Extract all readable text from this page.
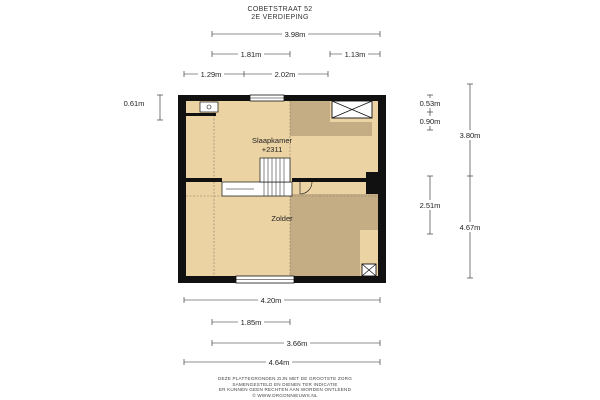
COBETSTRAAT 52
2E VERDIEPING
Slaapkamer
+2311
Zolder
3.98m
1.81m	1.13m
1.29m	2.02m
0.61m	0.53m
0.90m
2.51m
3.80m
4.67m
4.20m
1.85m
3.66m
4.64m
DEZE PLATTEGRONDEN ZIJN MET DE GROOTSTE ZORG
SAMENGESTELD EN DIENEN TER INDICATIE
ER KUNNEN GEEN RECHTEN AAN WORDEN ONTLEEND
© WWW.DRGONNIEUWS.NL
